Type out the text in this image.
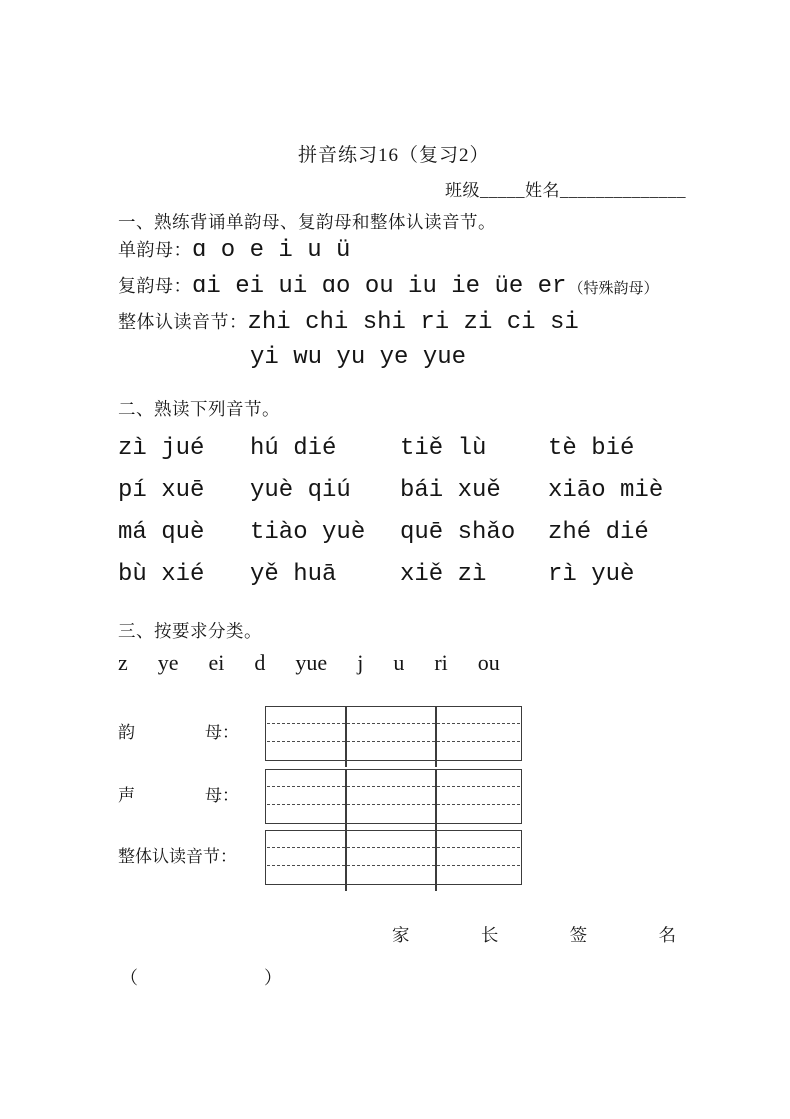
拼音练习16（复习2）
班级_____姓名______________
一、熟练背诵单韵母、复韵母和整体认读音节。
单韵母： ɑ o e i u ü
复韵母： ɑi ei ui ɑo ou iu ie üe er （特殊韵母）
整体认读音节： zhi chi shi ri zi ci si
yi wu yu ye yue
二、熟读下列音节。
zì jué	hú dié	tiě lù	tè bié
pí xuē	yuè qiú	bái xuě	xiāo miè
má què	tiào yuè	quē shǎo	zhé dié
bù xié	yě huā	xiě zì	rì yuè
三、按要求分类。
z ye ei d yue j u ri ou
韵	母：

声	母：

整体认读音节：

家	长	签	名
（	）
